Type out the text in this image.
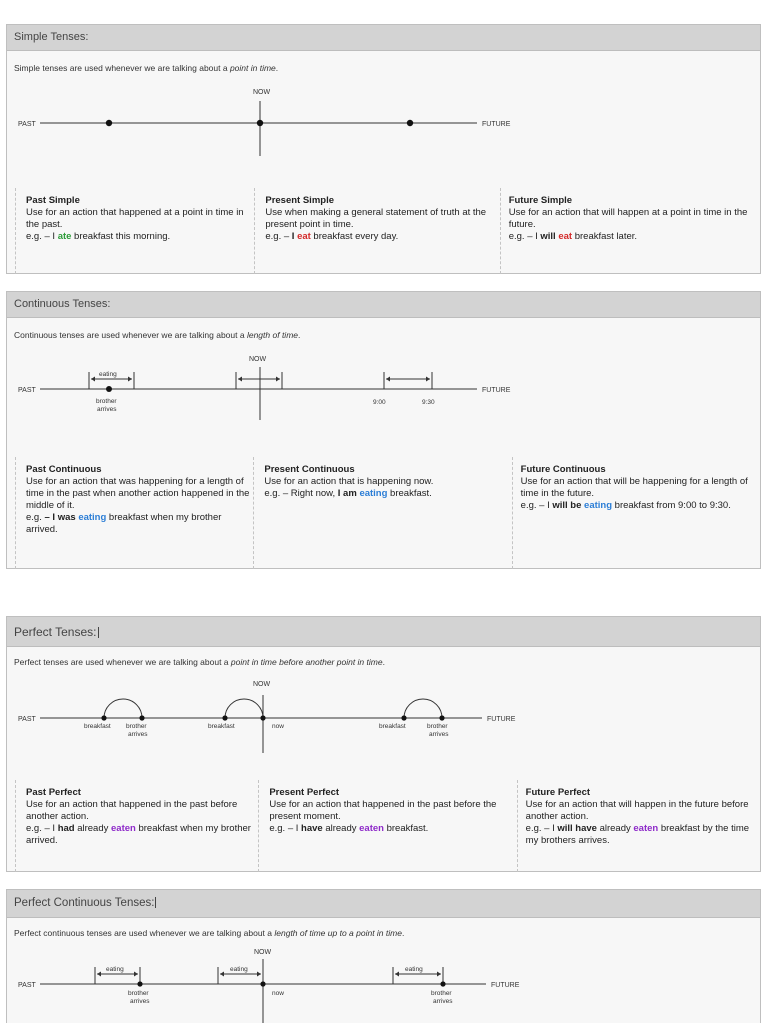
Simple Tenses:
Simple tenses are used whenever we are talking about a point in time.
PAST
NOW
FUTURE

Past Simple

Use for an action that happened at a point in time in the past.

e.g. – I ate breakfast this morning.

Present Simple

Use when making a general statement of truth at the present point in time.

e.g. – I eat breakfast every day.

Future Simple

Use for an action that will happen at a point in time in the future.

e.g. – I will eat breakfast later.

Continuous Tenses:
Continuous tenses are used whenever we are talking about a length of time.
PAST
NOW
FUTURE
eating
brother
arrives
9:00	9:30

Past Continuous

Use for an action that was happening for a length of time in the past when another action happened in the middle of it.

e.g. – I was eating breakfast when my brother arrived.

Present Continuous

Use for an action that is happening now.

e.g. – Right now, I am eating breakfast.

Future Continuous

Use for an action that will be happening for a length of time in the future.

e.g. – I will be eating breakfast from 9:00 to 9:30.

Perfect Tenses:
Perfect tenses are used whenever we are talking about a point in time before another point in time.
PAST
NOW
FUTURE
breakfast brother
arrives
breakfast	now	breakfast	brother
arrives

Past Perfect

Use for an action that happened in the past before another action.

e.g. – I had already eaten breakfast when my brother arrived.

Present Perfect

Use for an action that happened in the past before the present moment.

e.g. – I have already eaten breakfast.

Future Perfect

Use for an action that will happen in the future before another action.

e.g. – I will have already eaten breakfast by the time my brothers arrives.

Perfect Continuous Tenses:
Perfect continuous tenses are used whenever we are talking about a length of time up to a point in time.
PAST
NOW
FUTURE
eating
brother
arrives
eating
now
eating
brother
arrives
